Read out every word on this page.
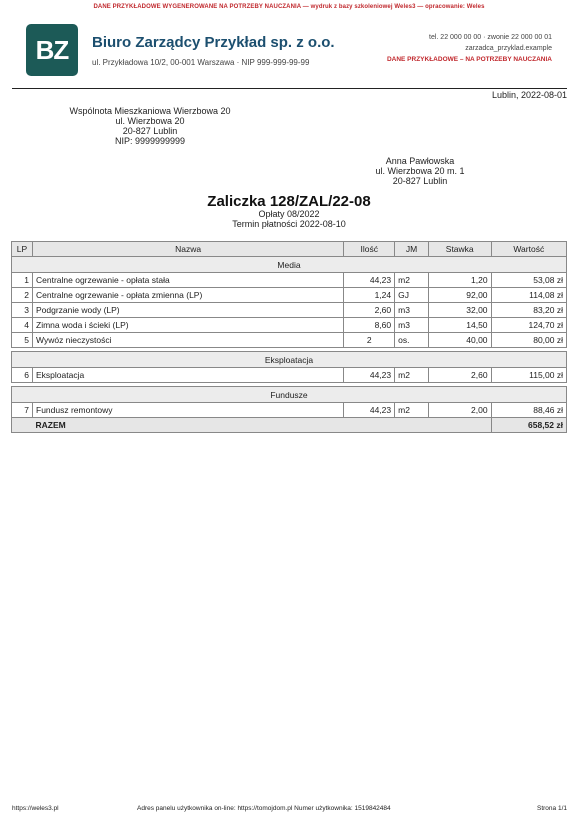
DANE PRZYKŁADOWE WYGENEROWANE NA POTRZEBY NAUCZANIA — wydruk z bazy szkoleniowej Weles3 — opracowanie: Weles
BZ	Biuro Zarządcy Przykład sp. z o.o.
ul. Przykładowa 10/2, 00-001 Warszawa · NIP 999-999-99-99
tel. 22 000 00 00 · zwonie 22 000 00 01
zarzadca_przyklad.example
DANE PRZYKŁADOWE – NA POTRZEBY NAUCZANIA
Lublin, 2022-08-01
Wspólnota Mieszkaniowa Wierzbowa 20
ul. Wierzbowa 20
20-827 Lublin
NIP: 9999999999
Anna Pawłowska
ul. Wierzbowa 20 m. 1
20-827 Lublin
Zaliczka 128/ZAL/22-08
Opłaty 08/2022
Termin płatności 2022-08-10
LP	Nazwa	Ilość	JM	Stawka	Wartość
Media					
1	Centralne ogrzewanie - opłata stała	44,23	m2	1,20	53,08 zł
2	Centralne ogrzewanie - opłata zmienna (LP)	1,24	GJ	92,00	114,08 zł
3	Podgrzanie wody (LP)	2,60	m3	32,00	83,20 zł
4	Zimna woda i ścieki (LP)	8,60	m3	14,50	124,70 zł
5	Wywóz nieczystości	2	os.	40,00	80,00 zł

Eksploatacja					
6	Eksploatacja	44,23	m2	2,60	115,00 zł

Fundusze					
7	Fundusz remontowy	44,23	m2	2,00	88,46 zł
	RAZEM				658,52 zł
https://weles3.pl	Adres panelu użytkownika on-line: https://tomojdom.pl Numer użytkownika: 1519842484	Strona 1/1
